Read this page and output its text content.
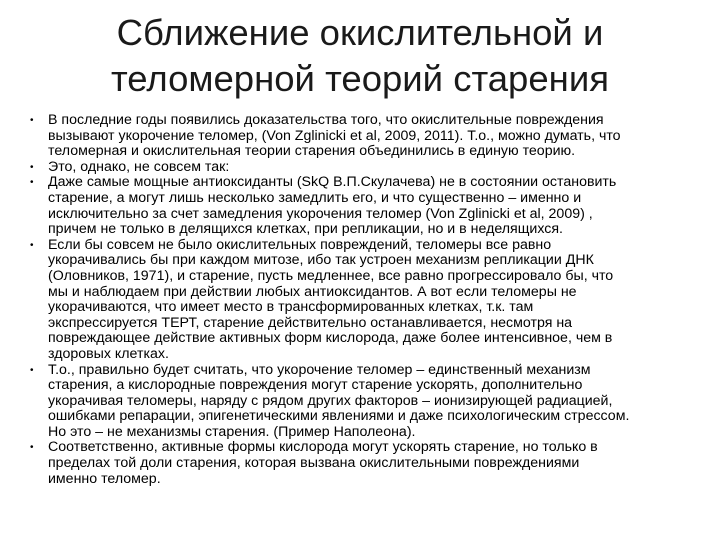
Сближение окислительной и
теломерной теорий старения
• В последние годы появились доказательства того, что окислительные повреждения
вызывают укорочение теломер, (Von Zglinicki et al, 2009, 2011). Т.о., можно думать, что
теломерная и окислительная теории старения объединились в единую теорию.
• Это, однако, не совсем так:
• Даже самые мощные антиоксиданты (SkQ В.П.Скулачева) не в состоянии остановить
старение, а могут лишь несколько замедлить его, и что существенно – именно и
исключительно за счет замедления укорочения теломер (Von Zglinicki et al, 2009) ,
причем не только в делящихся клетках, при репликации, но и в неделящихся.
• Если бы совсем не было окислительных повреждений, теломеры все равно
укорачивались бы при каждом митозе, ибо так устроен механизм репликации ДНК
(Оловников, 1971), и старение, пусть медленнее, все равно прогрессировало бы, что
мы и наблюдаем при действии любых антиоксидантов. А вот если теломеры не
укорачиваются, что имеет место в трансформированных клетках, т.к. там
экспрессируется ТЕРТ, старение действительно останавливается, несмотря на
повреждающее действие активных форм кислорода, даже более интенсивное, чем в
здоровых клетках.
• Т.о., правильно будет считать, что укорочение теломер – единственный механизм
старения, а кислородные повреждения могут старение ускорять, дополнительно
укорачивая теломеры, наряду с рядом других факторов – ионизирующей радиацией,
ошибками репарации, эпигенетическими явлениями и даже психологическим стрессом.
Но это – не механизмы старения. (Пример Наполеона).
• Соответственно, активные формы кислорода могут ускорять старение, но только в
пределах той доли старения, которая вызвана окислительными повреждениями
именно теломер.
